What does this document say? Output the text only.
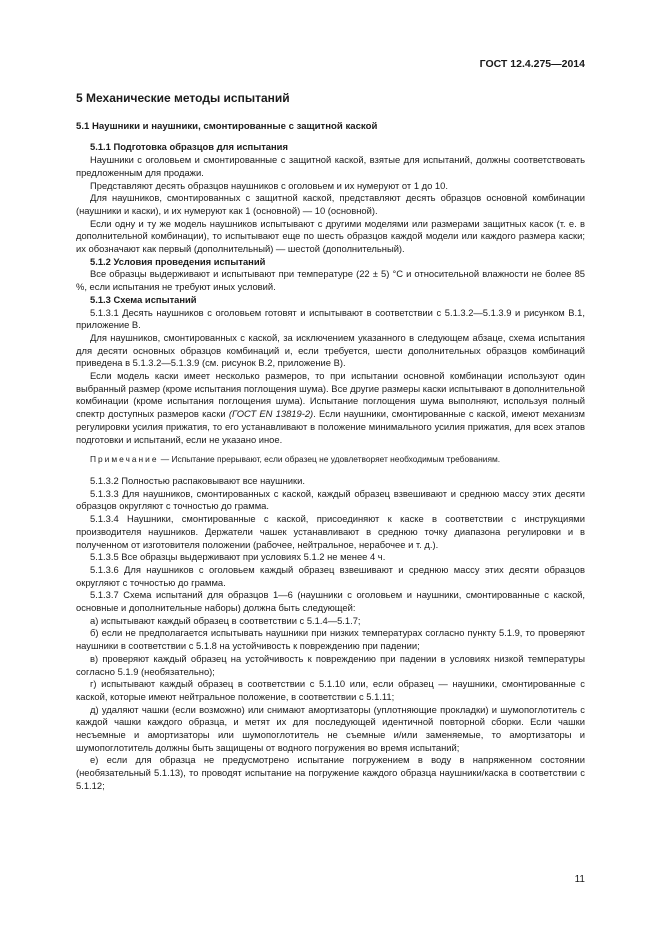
ГОСТ 12.4.275—2014
5 Механические методы испытаний
5.1 Наушники и наушники, смонтированные с защитной каской
5.1.1 Подготовка образцов для испытания

Наушники с оголовьем и смонтированные с защитной каской, взятые для испытаний, должны соответствовать предложенным для продажи.

Представляют десять образцов наушников с оголовьем и их нумеруют от 1 до 10.

Для наушников, смонтированных с защитной каской, представляют десять образцов основной комбинации (наушники и каски), и их нумеруют как 1 (основной) — 10 (основной).

Если одну и ту же модель наушников испытывают с другими моделями или размерами защитных касок (т. е. в дополнительной комбинации), то испытывают еще по шесть образцов каждой модели или каждого размера каски; их обозначают как первый (дополнительный) — шестой (дополнительный).

5.1.2 Условия проведения испытаний

Все образцы выдерживают и испытывают при температуре (22 ± 5) °C и относительной влажности не более 85 %, если испытания не требуют иных условий.

5.1.3 Схема испытаний

5.1.3.1 Десять наушников с оголовьем готовят и испытывают в соответствии с 5.1.3.2—5.1.3.9 и рисунком В.1, приложение В.

Для наушников, смонтированных с каской, за исключением указанного в следующем абзаце, схема испытания для десяти основных образцов комбинаций и, если требуется, шести дополнительных образцов комбинаций приведена в 5.1.3.2—5.1.3.9 (см. рисунок В.2, приложение В).

Если модель каски имеет несколько размеров, то при испытании основной комбинации используют один выбранный размер (кроме испытания поглощения шума). Все другие размеры каски испытывают в дополнительной комбинации (кроме испытания поглощения шума). Испытание поглощения шума выполняют, используя полный спектр доступных размеров каски (ГОСТ EN 13819-2). Если наушники, смонтированные с каской, имеют механизм регулировки усилия прижатия, то его устанавливают в положение минимального усилия прижатия, для всех этапов подготовки и испытаний, если не указано иное.

Примечание — Испытание прерывают, если образец не удовлетворяет необходимым требованиям.

5.1.3.2 Полностью распаковывают все наушники.

5.1.3.3 Для наушников, смонтированных с каской, каждый образец взвешивают и среднюю массу этих десяти образцов округляют с точностью до грамма.

5.1.3.4 Наушники, смонтированные с каской, присоединяют к каске в соответствии с инструкциями производителя наушников. Держатели чашек устанавливают в среднюю точку диапазона регулировки и в полученном от изготовителя положении (рабочее, нейтральное, нерабочее и т. д.).

5.1.3.5 Все образцы выдерживают при условиях 5.1.2 не менее 4 ч.

5.1.3.6 Для наушников с оголовьем каждый образец взвешивают и среднюю массу этих десяти образцов округляют с точностью до грамма.

5.1.3.7 Схема испытаний для образцов 1—6 (наушники с оголовьем и наушники, смонтированные с каской, основные и дополнительные наборы) должна быть следующей:

а) испытывают каждый образец в соответствии с 5.1.4—5.1.7;

б) если не предполагается испытывать наушники при низких температурах согласно пункту 5.1.9, то проверяют наушники в соответствии с 5.1.8 на устойчивость к повреждению при падении;

в) проверяют каждый образец на устойчивость к повреждению при падении в условиях низкой температуры согласно 5.1.9 (необязательно);

г) испытывают каждый образец в соответствии с 5.1.10 или, если образец — наушники, смонтированные с каской, которые имеют нейтральное положение, в соответствии с 5.1.11;

д) удаляют чашки (если возможно) или снимают амортизаторы (уплотняющие прокладки) и шумопоглотитель с каждой чашки каждого образца, и метят их для последующей идентичной повторной сборки. Если чашки несъемные и амортизаторы или шумопоглотитель не съемные и/или заменяемые, то амортизаторы и шумопоглотитель должны быть защищены от водного погружения во время испытаний;

е) если для образца не предусмотрено испытание погружением в воду в напряженном состоянии (необязательный 5.1.13), то проводят испытание на погружение каждого образца наушники/каска в соответствии с 5.1.12;

11
